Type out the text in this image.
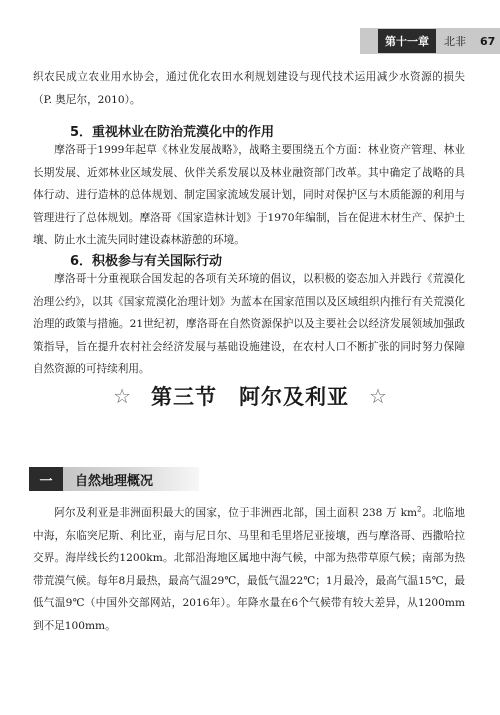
第十一章	北非 67

织农民成立农业用水协会，通过优化农田水利规划建设与现代技术运用减少水资源的损失（P. 奥尼尔，2010）。

5．重视林业在防治荒漠化中的作用

摩洛哥于1999年起草《林业发展战略》，战略主要围绕五个方面：林业资产管理、林业长期发展、近郊林业区域发展、伙伴关系发展以及林业融资部门改革。其中确定了战略的具体行动、进行造林的总体规划、制定国家流域发展计划，同时对保护区与木质能源的利用与管理进行了总体规划。摩洛哥《国家造林计划》于1970年编制，旨在促进木材生产、保护土壤、防止水土流失同时建设森林游憩的环境。

6．积极参与有关国际行动

摩洛哥十分重视联合国发起的各项有关环境的倡议，以积极的姿态加入并践行《荒漠化治理公约》，以其《国家荒漠化治理计划》为蓝本在国家范围以及区域组织内推行有关荒漠化治理的政策与措施。21世纪初，摩洛哥在自然资源保护以及主要社会以经济发展领域加强政策指导，旨在提升农村社会经济发展与基础设施建设，在农村人口不断扩张的同时努力保障自然资源的可持续利用。

☆ 第三节 阿尔及利亚 ☆
一	自然地理概况

阿尔及利亚是非洲面积最大的国家，位于非洲西北部，国土面积 238 万 $km^2$。北临地中海，东临突尼斯、利比亚，南与尼日尔、马里和毛里塔尼亚接壤，西与摩洛哥、西撒哈拉交界。海岸线长约1200km。北部沿海地区属地中海气候，中部为热带草原气候；南部为热带荒漠气候。每年8月最热，最高气温29℃，最低气温22℃；1月最冷，最高气温15℃，最低气温9℃（中国外交部网站，2016年）。年降水量在6个气候带有较大差异，从1200mm到不足100mm。
